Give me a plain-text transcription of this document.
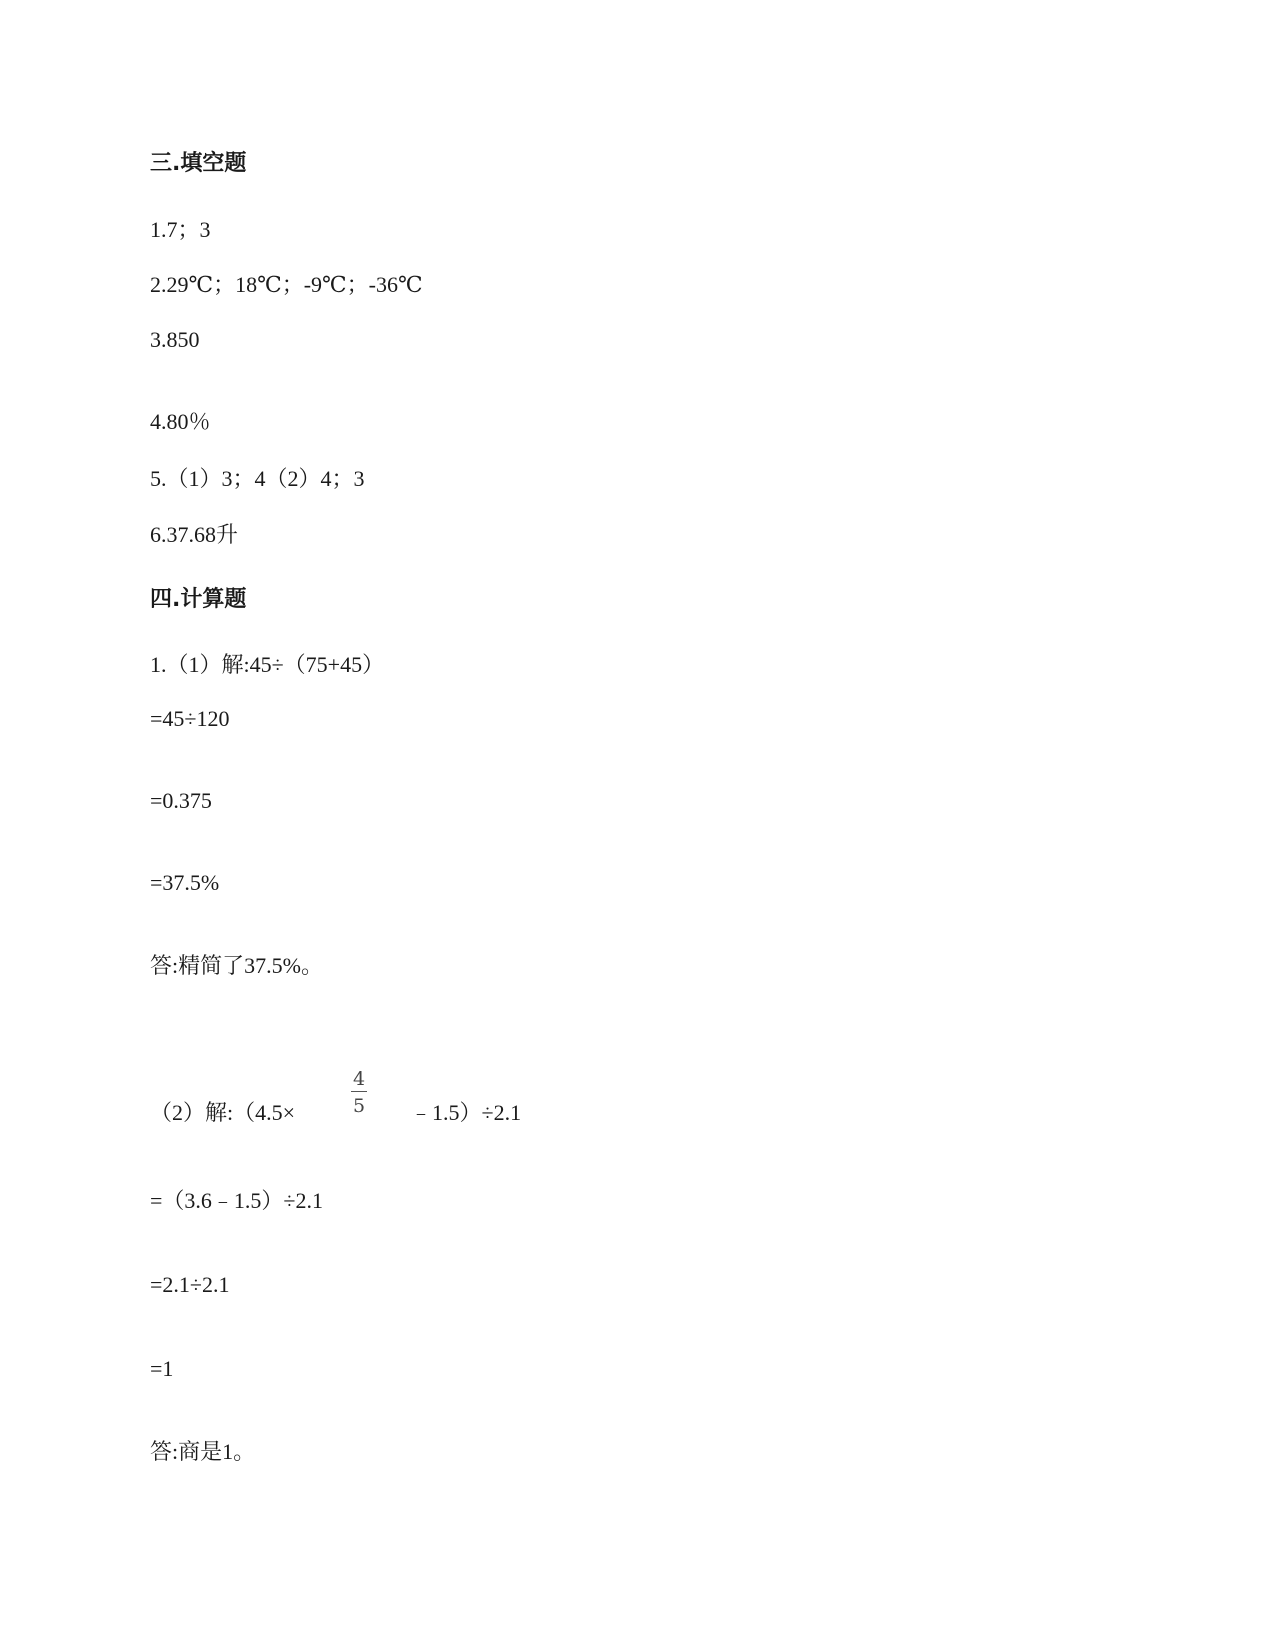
三.填空题
1.7；3
2.29℃；18℃；-9℃；-36℃
3.850
4.80％
5.（1）3；4（2）4；3
6.37.68升
四.计算题
1.（1）解:45÷（75+45）
=45÷120
=0.375
=37.5%
答:精简了37.5%。
（2）解:（4.5×
4
5 ﹣1.5）÷2.1
=（3.6﹣1.5）÷2.1
=2.1÷2.1
=1
答:商是1。
